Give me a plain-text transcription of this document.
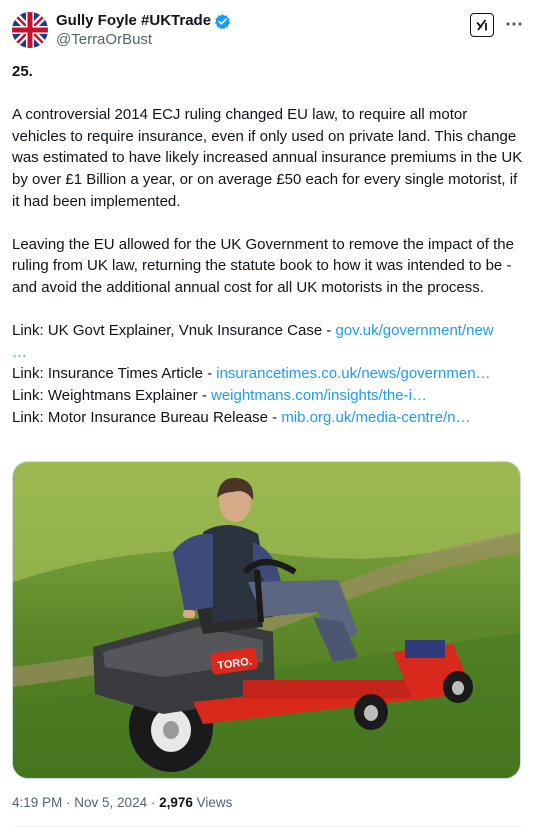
Gully Foyle #UKTrade
@TerraOrBust

25.

A controversial 2014 ECJ ruling changed EU law, to require all motor vehicles to require insurance, even if only used on private land. This change was estimated to have likely increased annual insurance premiums in the UK by over £1 Billion a year, or on average £50 each for every single motorist, if it had been implemented.

Leaving the EU allowed for the UK Government to remove the impact of the ruling from UK law, returning the statute book to how it was intended to be - and avoid the additional annual cost for all UK motorists in the process.

Link: UK Govt Explainer, Vnuk Insurance Case - gov.uk/government/new
…

Link: Insurance Times Article - insurancetimes.co.uk/news/governmen…

Link: Weightmans Explainer - weightmans.com/insights/the-i…

Link: Motor Insurance Bureau Release - mib.org.uk/media-centre/n…

TORO.
4:19 PM · Nov 5, 2024 · 2,976 Views
